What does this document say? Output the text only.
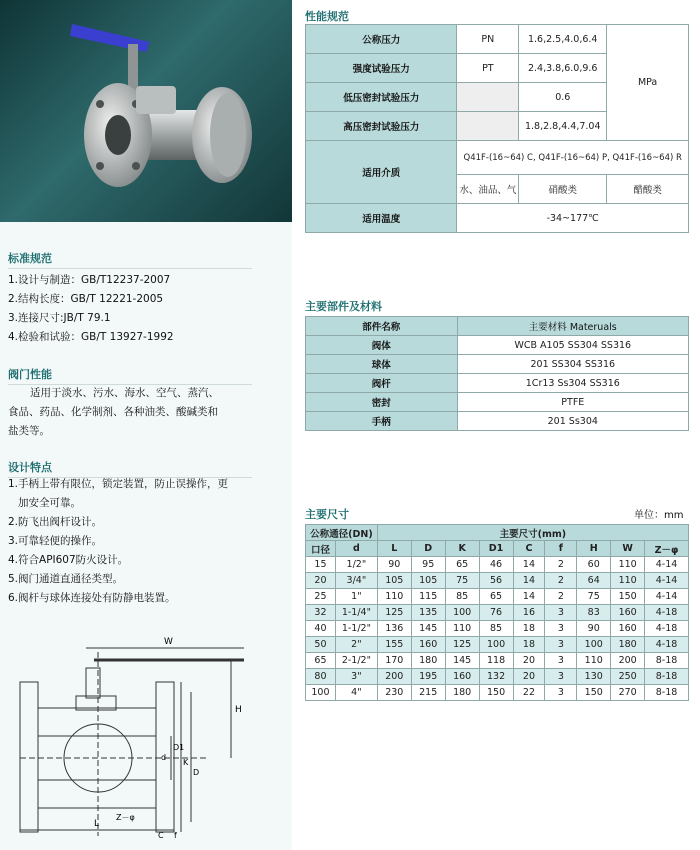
标准规范
1.设计与制造：GB/T12237-2007
2.结构长度：GB/T 12221-2005
3.连接尺寸:JB/T 79.1
4.检验和试验：GB/T 13927-1992
阀门性能
适用于淡水、污水、海水、空气、蒸汽、
食品、药品、化学制剂、各种油类、酸碱类和
盐类等。
设计特点
1.手柄上带有限位，锁定装置，防止误操作，更
加安全可靠。
2.防飞出阀杆设计。
3.可靠轻便的操作。
4.符合API607防火设计。
5.阀门通道直通径类型。
6.阀杆与球体连接处有防静电装置。
W
H
L
d
D1
K
D
C f
Z－φ
性能规范
公称压力	PN	1.6,2.5,4.0,6.4	MPa
强度试验压力	PT	2.4,3.8,6.0,9.6	
低压密封试验压力		0.6	
高压密封试验压力		1.8,2.8,4.4,7.04	
适用介质	Q41F-(16~64) C, Q41F-(16~64) P, Q41F-(16~64) R		
	水、油品、气	硝酸类	醋酸类
适用温度	-34~177℃		
主要部件及材料
部件名称	主要材料 Materuals
阀体	WCB A105 SS304 SS316
球体	201 SS304 SS316
阀杆	1Cr13 Ss304 SS316
密封	PTFE
手柄	201 Ss304
主要尺寸	单位：mm
公称通径(DN)		主要尺寸(mm)								
口径	d	L	D	K	D1	C	f	H	W	Z－φ
15	1/2"	90	95	65	46	14	2	60	110	4-14
20	3/4"	105	105	75	56	14	2	64	110	4-14
25	1"	110	115	85	65	14	2	75	150	4-14
32	1-1/4"	125	135	100	76	16	3	83	160	4-18
40	1-1/2"	136	145	110	85	18	3	90	160	4-18
50	2"	155	160	125	100	18	3	100	180	4-18
65	2-1/2"	170	180	145	118	20	3	110	200	8-18
80	3"	200	195	160	132	20	3	130	250	8-18
100	4"	230	215	180	150	22	3	150	270	8-18
